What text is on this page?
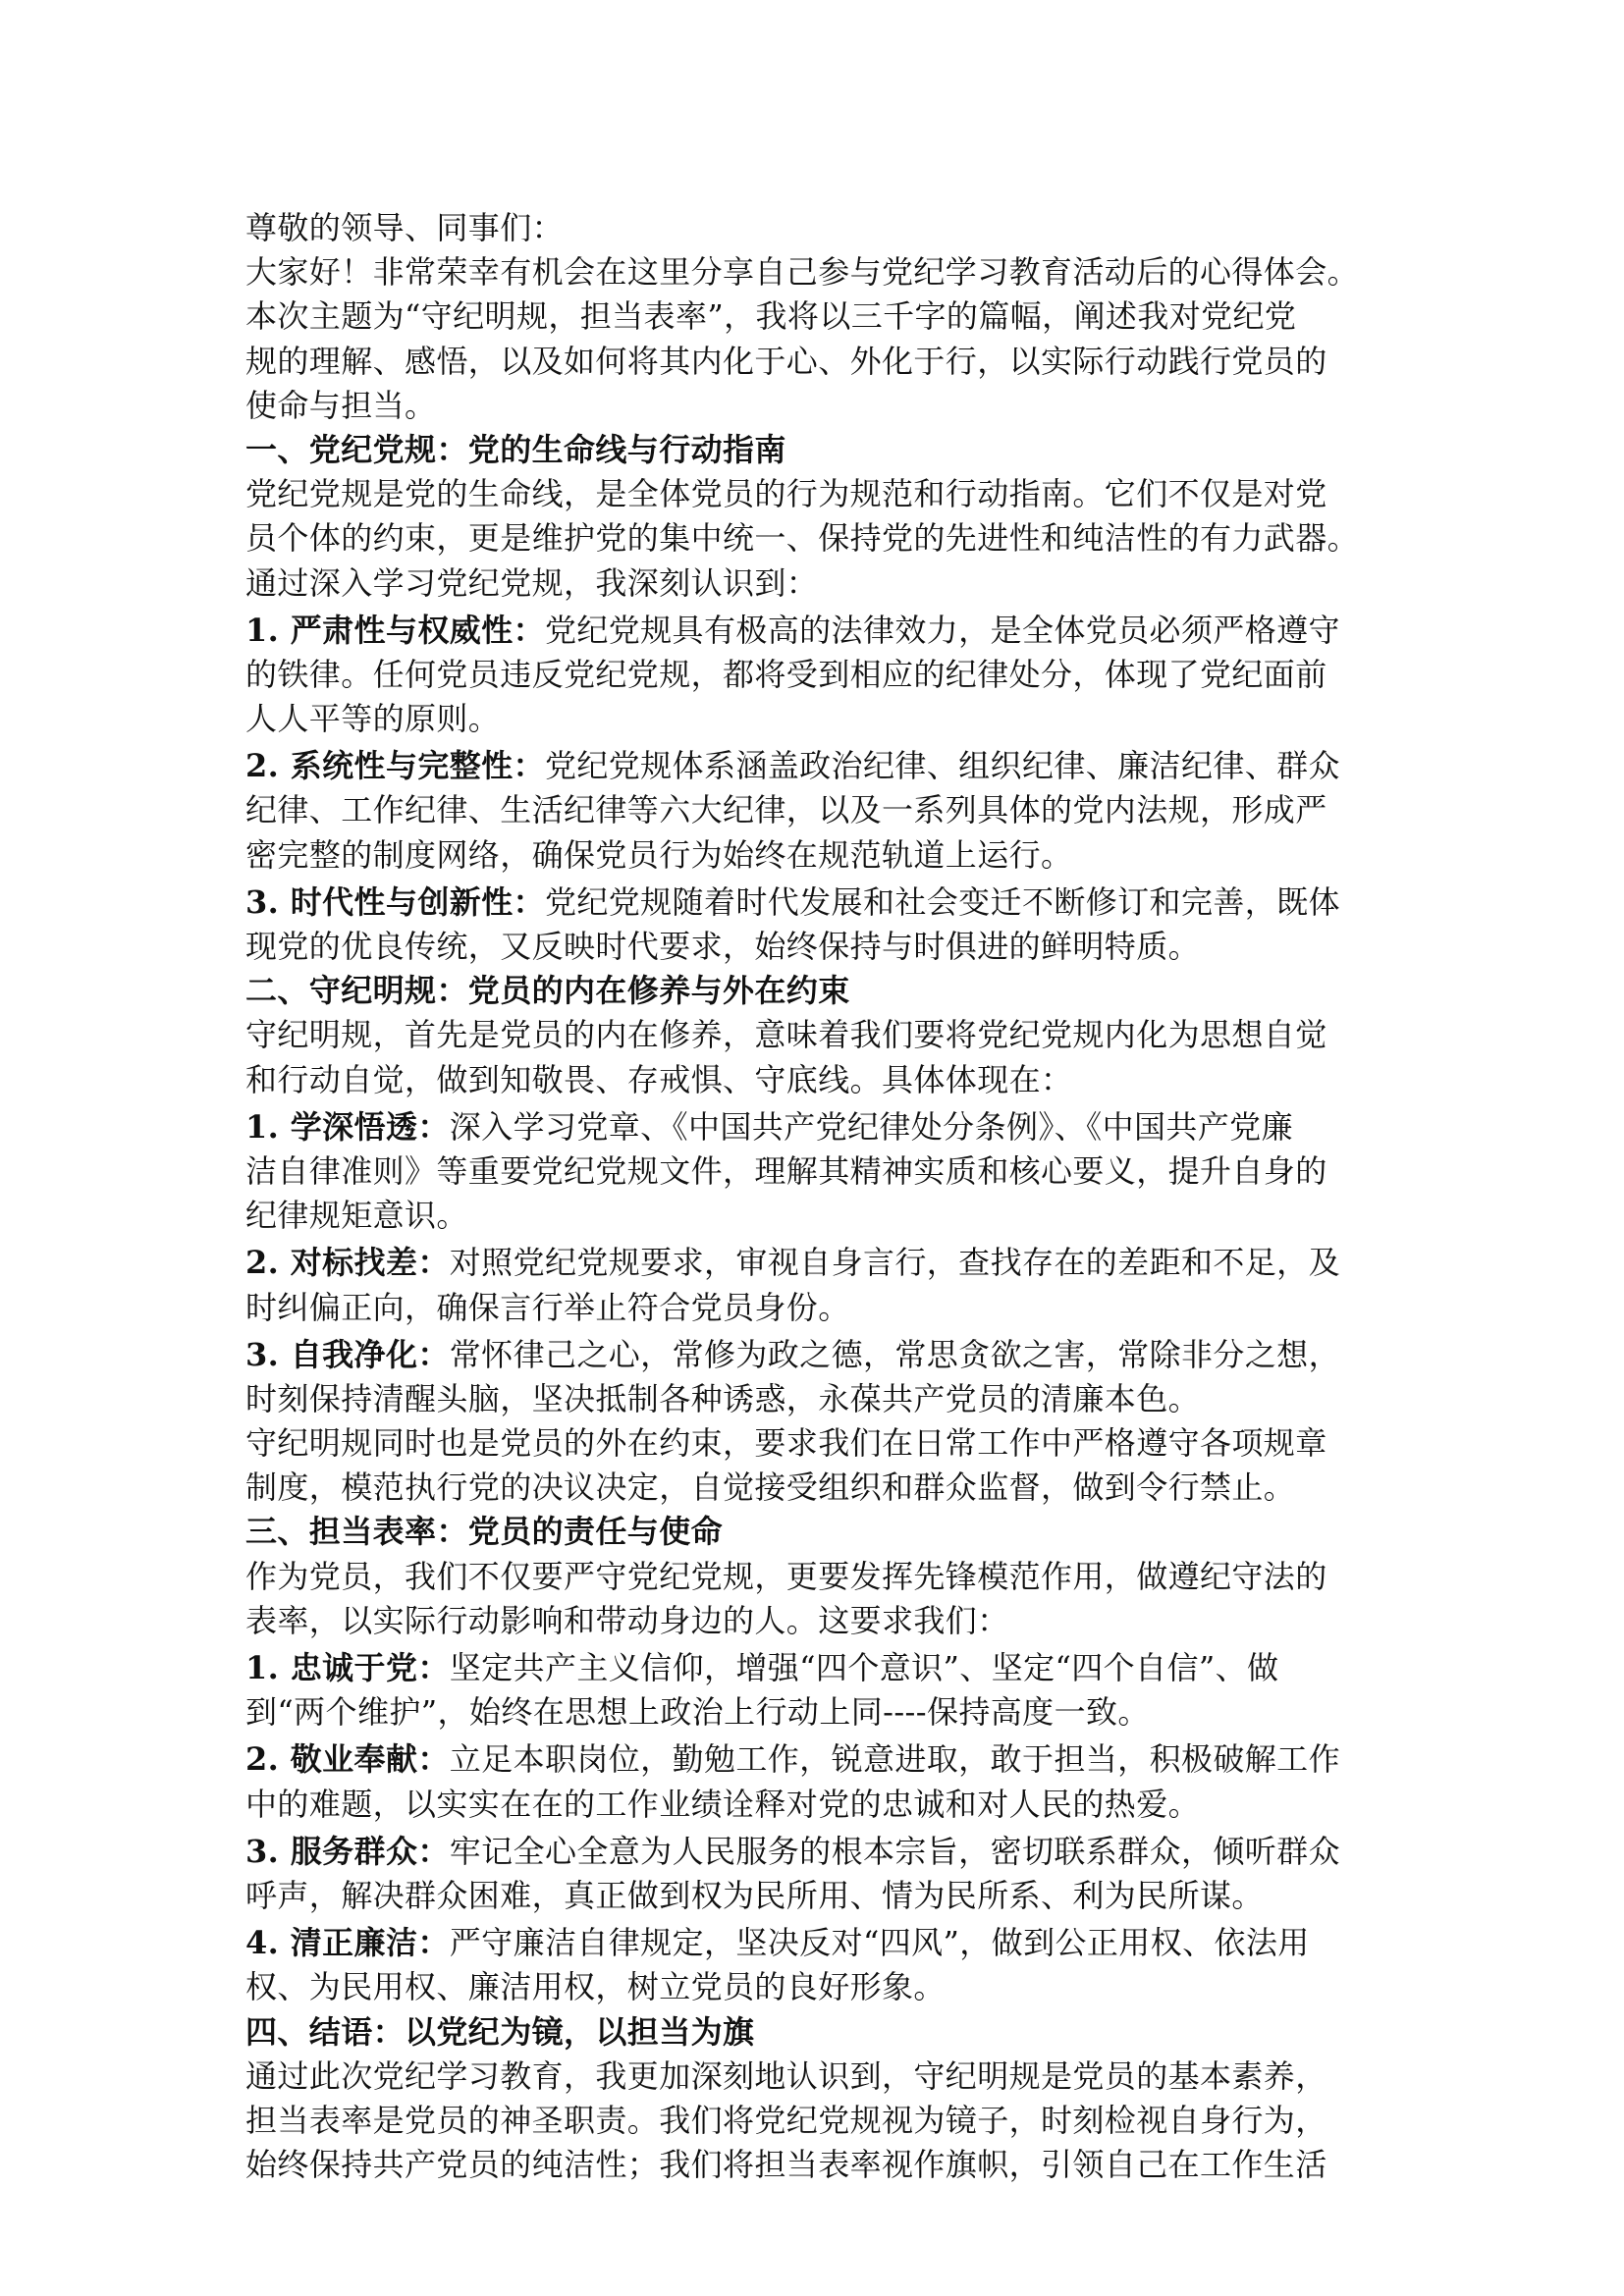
尊敬的领导、同事们：
大家好！非常荣幸有机会在这里分享自己参与党纪学习教育活动后的心得体会。
本次主题为“守纪明规，担当表率”，我将以三千字的篇幅，阐述我对党纪党
规的理解、感悟，以及如何将其内化于心、外化于行，以实际行动践行党员的
使命与担当。
一、党纪党规：党的生命线与行动指南
党纪党规是党的生命线，是全体党员的行为规范和行动指南。它们不仅是对党
员个体的约束，更是维护党的集中统一、保持党的先进性和纯洁性的有力武器。
通过深入学习党纪党规，我深刻认识到：
1. 严肃性与权威性：党纪党规具有极高的法律效力，是全体党员必须严格遵守
的铁律。任何党员违反党纪党规，都将受到相应的纪律处分，体现了党纪面前
人人平等的原则。
2. 系统性与完整性：党纪党规体系涵盖政治纪律、组织纪律、廉洁纪律、群众
纪律、工作纪律、生活纪律等六大纪律，以及一系列具体的党内法规，形成严
密完整的制度网络，确保党员行为始终在规范轨道上运行。
3. 时代性与创新性：党纪党规随着时代发展和社会变迁不断修订和完善，既体
现党的优良传统，又反映时代要求，始终保持与时俱进的鲜明特质。
二、守纪明规：党员的内在修养与外在约束
守纪明规，首先是党员的内在修养，意味着我们要将党纪党规内化为思想自觉
和行动自觉，做到知敬畏、存戒惧、守底线。具体体现在：
1. 学深悟透：深入学习党章、《中国共产党纪律处分条例》、《中国共产党廉
洁自律准则》等重要党纪党规文件，理解其精神实质和核心要义，提升自身的
纪律规矩意识。
2. 对标找差：对照党纪党规要求，审视自身言行，查找存在的差距和不足，及
时纠偏正向，确保言行举止符合党员身份。
3. 自我净化：常怀律己之心，常修为政之德，常思贪欲之害，常除非分之想，
时刻保持清醒头脑，坚决抵制各种诱惑，永葆共产党员的清廉本色。
守纪明规同时也是党员的外在约束，要求我们在日常工作中严格遵守各项规章
制度，模范执行党的决议决定，自觉接受组织和群众监督，做到令行禁止。
三、担当表率：党员的责任与使命
作为党员，我们不仅要严守党纪党规，更要发挥先锋模范作用，做遵纪守法的
表率，以实际行动影响和带动身边的人。这要求我们：
1. 忠诚于党：坚定共产主义信仰，增强“四个意识”、坚定“四个自信”、做
到“两个维护”，始终在思想上政治上行动上同----保持高度一致。
2. 敬业奉献：立足本职岗位，勤勉工作，锐意进取，敢于担当，积极破解工作
中的难题，以实实在在的工作业绩诠释对党的忠诚和对人民的热爱。
3. 服务群众：牢记全心全意为人民服务的根本宗旨，密切联系群众，倾听群众
呼声，解决群众困难，真正做到权为民所用、情为民所系、利为民所谋。
4. 清正廉洁：严守廉洁自律规定，坚决反对“四风”，做到公正用权、依法用
权、为民用权、廉洁用权，树立党员的良好形象。
四、结语：以党纪为镜，以担当为旗
通过此次党纪学习教育，我更加深刻地认识到，守纪明规是党员的基本素养，
担当表率是党员的神圣职责。我们将党纪党规视为镜子，时刻检视自身行为，
始终保持共产党员的纯洁性；我们将担当表率视作旗帜，引领自己在工作生活
